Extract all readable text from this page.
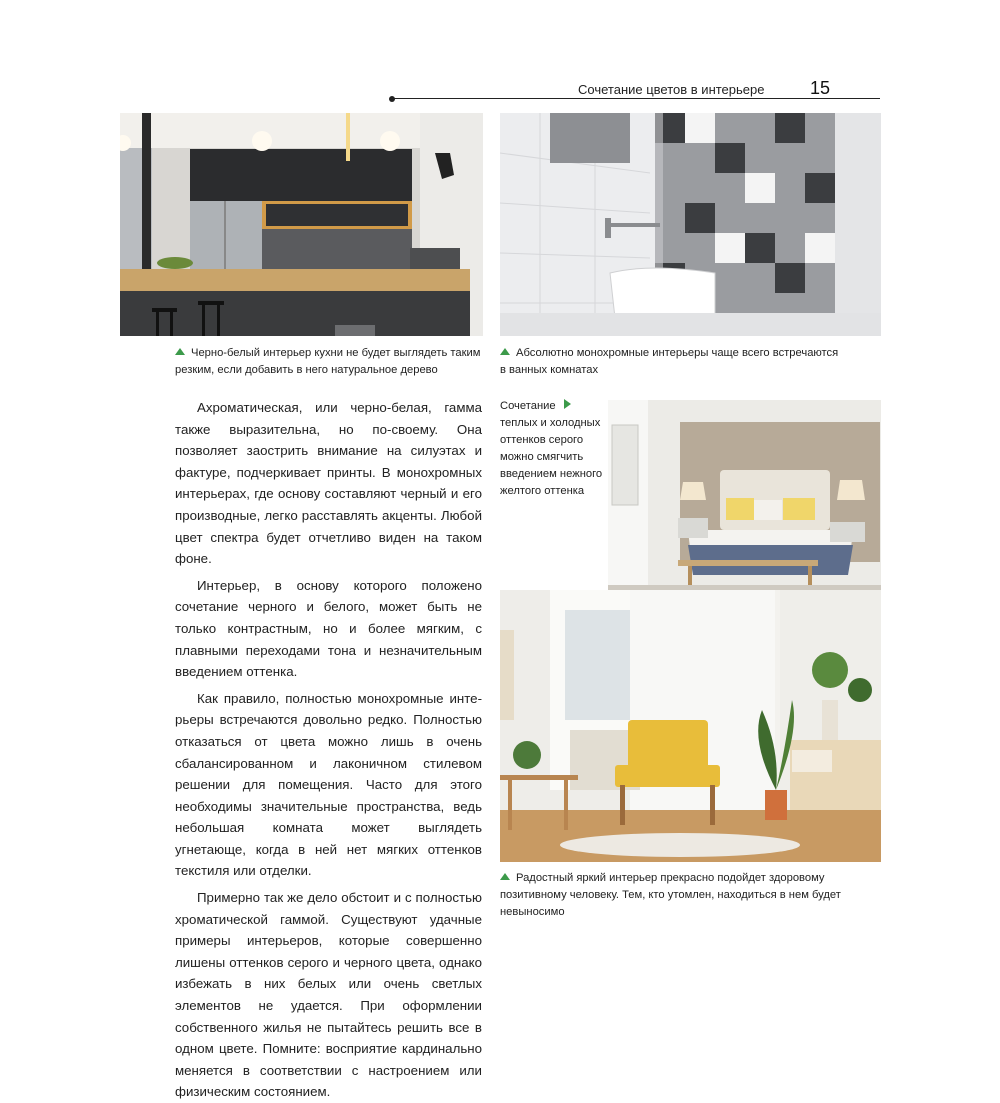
Сочетание цветов в интерьере	15
Черно-белый интерьер кухни не будет выглядеть таким
резким, если добавить в него натуральное дерево
Абсолютно монохромные интерьеры чаще всего встречаются
в ванных комнатах

Ахроматическая, или черно-белая, гамма также выразительна, но по-своему. Она позволяет заострить внимание на силуэтах и фактуре, подчеркивает принты. В монохромных интерьерах, где основу составляют черный и его производные, легко расставлять акценты. Любой цвет спектра будет отчетливо виден на таком фоне.

Интерьер, в основу которого положено сочетание черного и белого, может быть не только контрастным, но и более мягким, с плавными переходами тона и незначительным введением оттенка.

Как правило, полностью монохромные интерьеры встречаются довольно редко. Полностью отказаться от цвета можно лишь в очень сбалансированном и лаконичном стилевом решении для помещения. Часто для этого необходимы значительные пространства, ведь небольшая комната может выглядеть угнетающе, когда в ней нет мягких оттенков текстиля или отделки.

Примерно так же дело обстоит и с полностью хроматической гаммой. Существуют удачные примеры интерьеров, которые совершенно лишены оттенков серого и черного цвета, однако избежать в них белых или очень светлых элементов не удается. При оформлении собственного жилья не пытайтесь решить все в одном цвете. Помните: восприятие кардинально меняется в соответствии с настроением или физическим состоянием.

Сочетание
теплых и холодных
оттенков серого
можно смягчить
введением нежного
желтого оттенка
Радостный яркий интерьер прекрасно подойдет здоровому
позитивному человеку. Тем, кто утомлен, находиться в нем будет
невыносимо
